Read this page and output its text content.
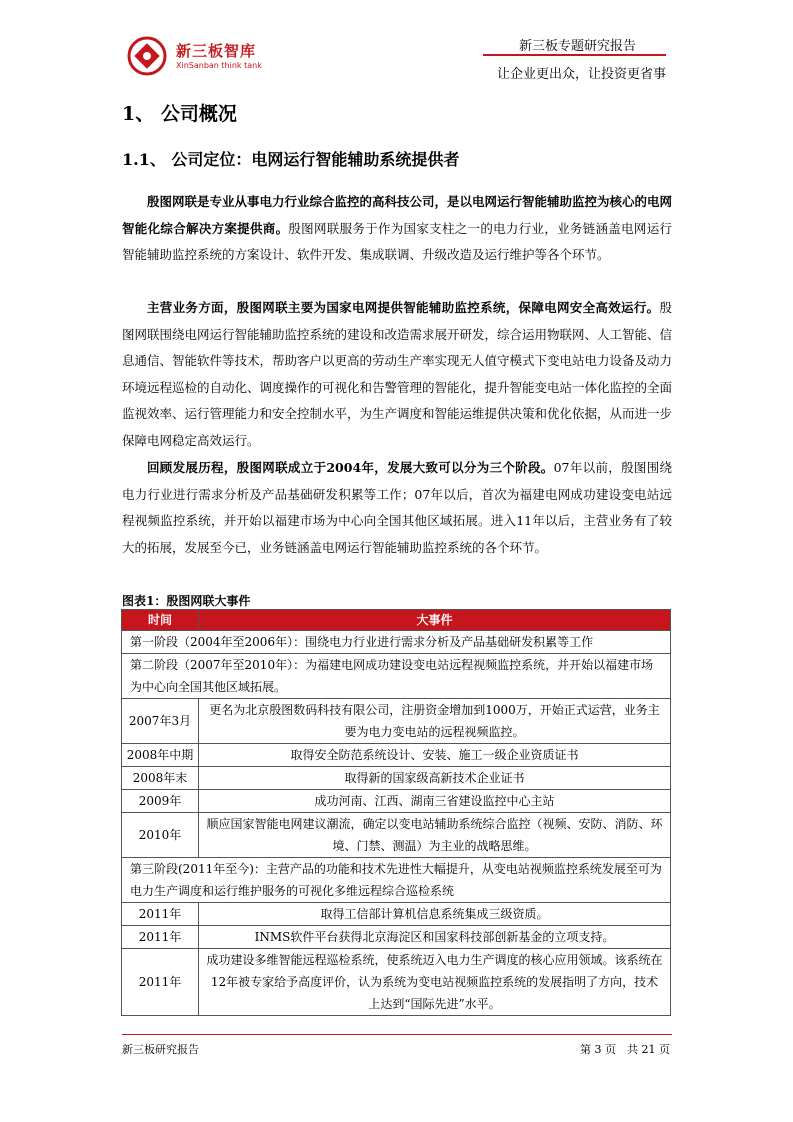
新三板智库
XinSanban think tank
新三板专题研究报告
让企业更出众，让投资更省事
1、 公司概况
1.1、 公司定位：电网运行智能辅助系统提供者
殷图网联是专业从事电力行业综合监控的高科技公司，是以电网运行智能辅助监控为核心的电网智能化综合解决方案提供商。殷图网联服务于作为国家支柱之一的电力行业，业务链涵盖电网运行智能辅助监控系统的方案设计、软件开发、集成联调、升级改造及运行维护等各个环节。
主营业务方面，殷图网联主要为国家电网提供智能辅助监控系统，保障电网安全高效运行。殷图网联围绕电网运行智能辅助监控系统的建设和改造需求展开研发，综合运用物联网、人工智能、信息通信、智能软件等技术，帮助客户以更高的劳动生产率实现无人值守模式下变电站电力设备及动力环境远程巡检的自动化、调度操作的可视化和告警管理的智能化，提升智能变电站一体化监控的全面监视效率、运行管理能力和安全控制水平，为生产调度和智能运维提供决策和优化依据，从而进一步保障电网稳定高效运行。
回顾发展历程，殷图网联成立于2004年，发展大致可以分为三个阶段。07年以前，殷图围绕电力行业进行需求分析及产品基础研发积累等工作；07年以后，首次为福建电网成功建设变电站远程视频监控系统，并开始以福建市场为中心向全国其他区域拓展。进入11年以后，主营业务有了较大的拓展，发展至今已，业务链涵盖电网运行智能辅助监控系统的各个环节。
图表1：殷图网联大事件
时间	大事件
第一阶段（2004年至2006年）：围绕电力行业进行需求分析及产品基础研发积累等工作	
第二阶段（2007年至2010年）：为福建电网成功建设变电站远程视频监控系统，并开始以福建市场为中心向全国其他区域拓展。	
2007年3月	更名为北京殷图数码科技有限公司，注册资金增加到1000万，开始正式运营，业务主要为电力变电站的远程视频监控。
2008年中期	取得安全防范系统设计、安装、施工一级企业资质证书
2008年末	取得新的国家级高新技术企业证书
2009年	成功河南、江西、湖南三省建设监控中心主站
2010年	顺应国家智能电网建议潮流，确定以变电站辅助系统综合监控（视频、安防、消防、环境、门禁、测温）为主业的战略思维。
第三阶段(2011年至今)：主营产品的功能和技术先进性大幅提升，从变电站视频监控系统发展至可为电力生产调度和运行维护服务的可视化多维远程综合巡检系统	
2011年	取得工信部计算机信息系统集成三级资质。
2011年	INMS软件平台获得北京海淀区和国家科技部创新基金的立项支持。
2011年	成功建设多维智能远程巡检系统，使系统迈入电力生产调度的核心应用领域。该系统在12年被专家给予高度评价，认为系统为变电站视频监控系统的发展指明了方向，技术上达到“国际先进”水平。
新三板研究报告	第 3 页　共 21 页
